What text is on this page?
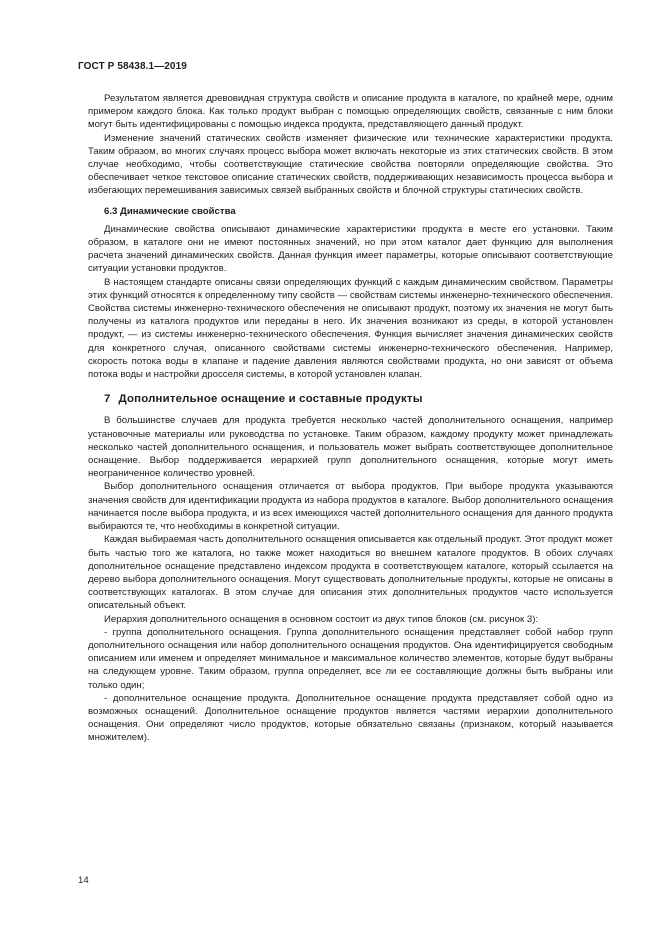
ГОСТ Р 58438.1—2019

Результатом является древовидная структура свойств и описание продукта в каталоге, по крайней мере, одним примером каждого блока. Как только продукт выбран с помощью определяющих свойств, связанные с ним блоки могут быть идентифицированы с помощью индекса продукта, представляющего данный продукт.

Изменение значений статических свойств изменяет физические или технические характеристики продукта. Таким образом, во многих случаях процесс выбора может включать некоторые из этих статических свойств. В этом случае необходимо, чтобы соответствующие статические свойства повторяли определяющие свойства. Это обеспечивает четкое текстовое описание статических свойств, поддерживающих независимость процесса выбора и избегающих перемешивания зависимых связей выбранных свойств и блочной структуры статических свойств.

6.3 Динамические свойства

Динамические свойства описывают динамические характеристики продукта в месте его установки. Таким образом, в каталоге они не имеют постоянных значений, но при этом каталог дает функцию для выполнения расчета значений динамических свойств. Данная функция имеет параметры, которые описывают соответствующие ситуации установки продуктов.

В настоящем стандарте описаны связи определяющих функций с каждым динамическим свойством. Параметры этих функций относятся к определенному типу свойств — свойствам системы инженерно-технического обеспечения. Свойства системы инженерно-технического обеспечения не описывают продукт, поэтому их значения не могут быть получены из каталога продуктов или переданы в него. Их значения возникают из среды, в которой установлен продукт, — из системы инженерно-технического обеспечения. Функция вычисляет значения динамических свойств для конкретного случая, описанного свойствами системы инженерно-технического обеспечения. Например, скорость потока воды в клапане и падение давления являются свойствами продукта, но они зависят от объема потока воды и настройки дросселя системы, в которой установлен клапан.

7 Дополнительное оснащение и составные продукты

В большинстве случаев для продукта требуется несколько частей дополнительного оснащения, например установочные материалы или руководства по установке. Таким образом, каждому продукту может принадлежать несколько частей дополнительного оснащения, и пользователь может выбрать соответствующее дополнительное оснащение. Выбор поддерживается иерархией групп дополнительного оснащения, которые могут иметь неограниченное количество уровней.

Выбор дополнительного оснащения отличается от выбора продуктов. При выборе продукта указываются значения свойств для идентификации продукта из набора продуктов в каталоге. Выбор дополнительного оснащения начинается после выбора продукта, и из всех имеющихся частей дополнительного оснащения для данного продукта выбираются те, что необходимы в конкретной ситуации.

Каждая выбираемая часть дополнительного оснащения описывается как отдельный продукт. Этот продукт может быть частью того же каталога, но также может находиться во внешнем каталоге продуктов. В обоих случаях дополнительное оснащение представлено индексом продукта в соответствующем каталоге, который ссылается на дерево выбора дополнительного оснащения. Могут существовать дополнительные продукты, которые не описаны в соответствующих каталогах. В этом случае для описания этих дополнительных продуктов часто используется описательный объект.

Иерархия дополнительного оснащения в основном состоит из двух типов блоков (см. рисунок 3):

- группа дополнительного оснащения. Группа дополнительного оснащения представляет собой набор групп дополнительного оснащения или набор дополнительного оснащения продуктов. Она идентифицируется свободным описанием или именем и определяет минимальное и максимальное количество элементов, которые будут выбраны на следующем уровне. Таким образом, группа определяет, все ли ее составляющие должны быть выбраны или только один;

- дополнительное оснащение продукта. Дополнительное оснащение продукта представляет собой одно из возможных оснащений. Дополнительное оснащение продуктов является частями иерархии дополнительного оснащения. Они определяют число продуктов, которые обязательно связаны (признаком, который называется множителем).

14
